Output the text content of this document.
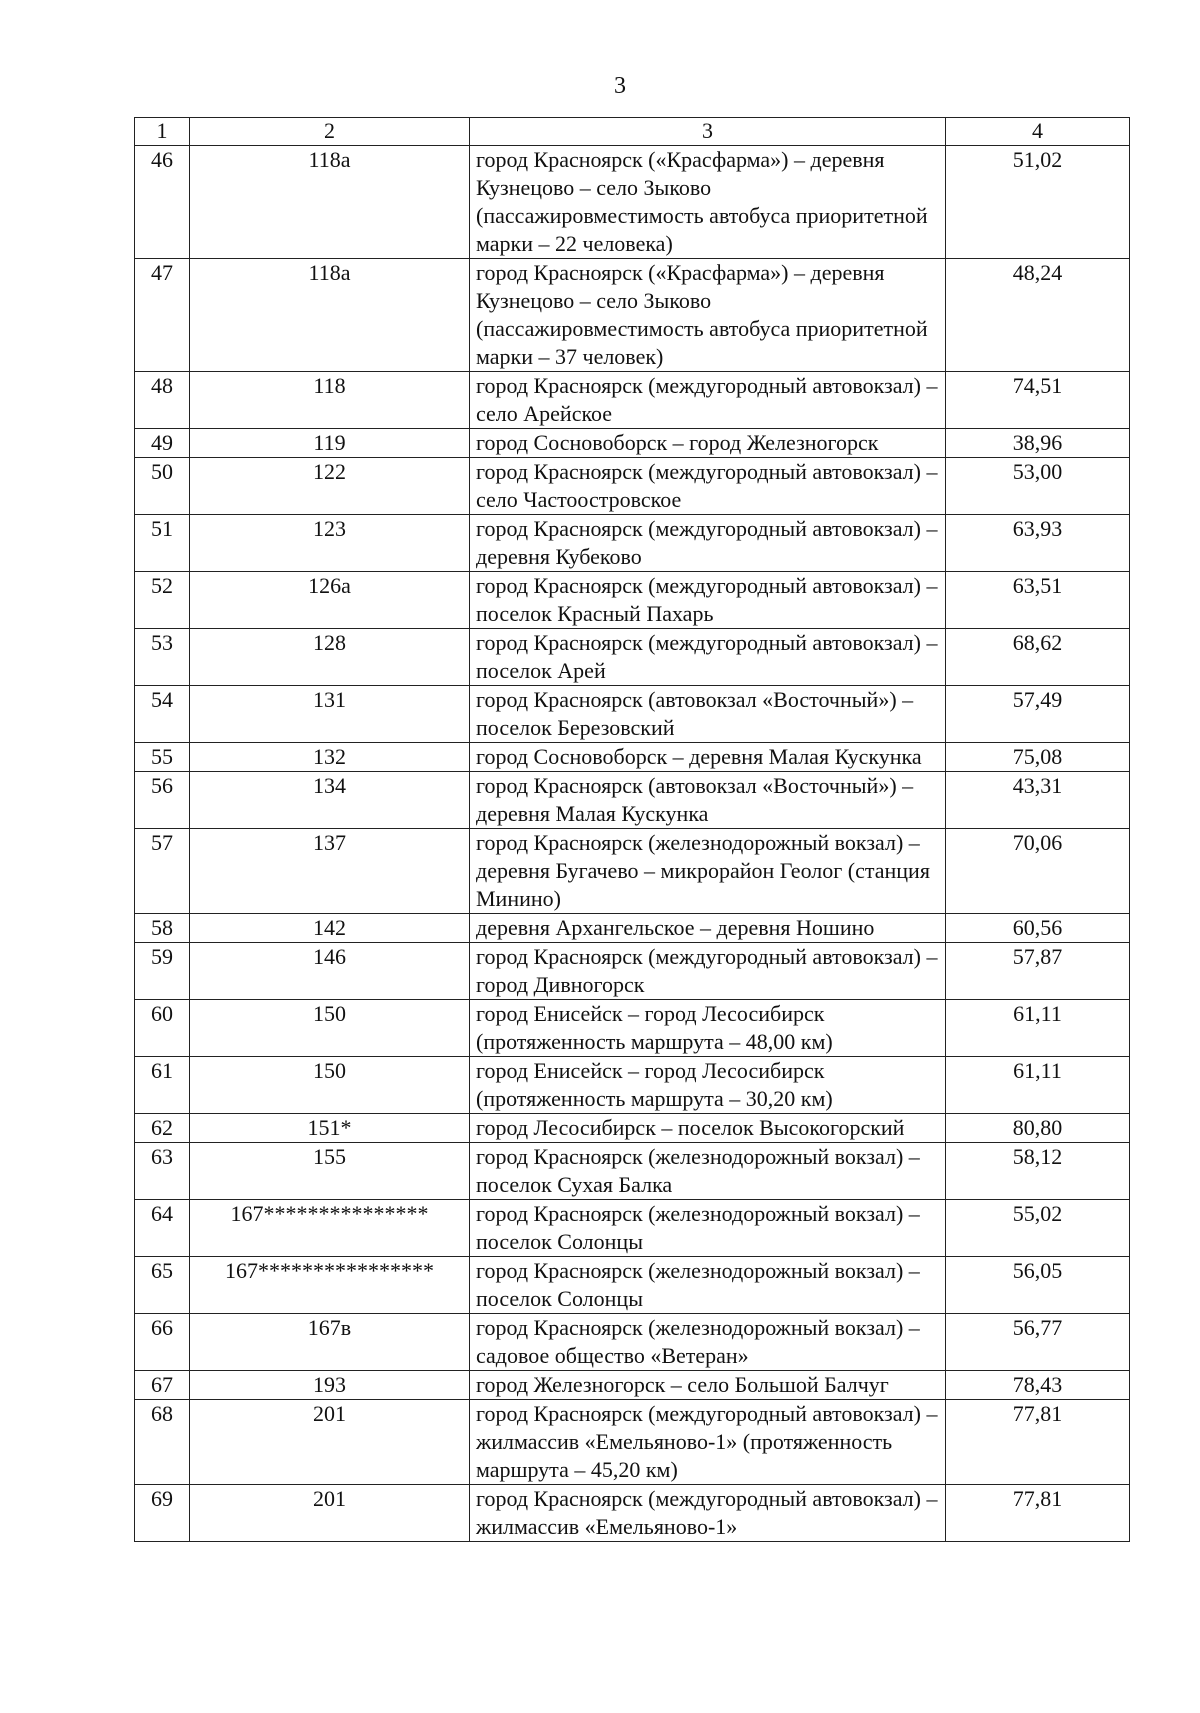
3
1	2	3	4
46	118а	город Красноярск («Красфарма») – деревня Кузнецово – село Зыково (пассажировместимость автобуса приоритетной марки – 22 человека)	51,02
47	118а	город Красноярск («Красфарма») – деревня Кузнецово – село Зыково (пассажировместимость автобуса приоритетной марки – 37 человек)	48,24
48	118	город Красноярск (междугородный автовокзал) – село Арейское	74,51
49	119	город Сосновоборск – город Железногорск	38,96
50	122	город Красноярск (междугородный автовокзал) – село Частоостровское	53,00
51	123	город Красноярск (междугородный автовокзал) – деревня Кубеково	63,93
52	126а	город Красноярск (междугородный автовокзал) – поселок Красный Пахарь	63,51
53	128	город Красноярск (междугородный автовокзал) – поселок Арей	68,62
54	131	город Красноярск (автовокзал «Восточный») – поселок Березовский	57,49
55	132	город Сосновоборск – деревня Малая Кускунка	75,08
56	134	город Красноярск (автовокзал «Восточный») – деревня Малая Кускунка	43,31
57	137	город Красноярск (железнодорожный вокзал) – деревня Бугачево – микрорайон Геолог (станция Минино)	70,06
58	142	деревня Архангельское – деревня Ношино	60,56
59	146	город Красноярск (междугородный автовокзал) – город Дивногорск	57,87
60	150	город Енисейск – город Лесосибирск (протяженность маршрута – 48,00 км)	61,11
61	150	город Енисейск – город Лесосибирск (протяженность маршрута – 30,20 км)	61,11
62	151*	город Лесосибирск – поселок Высокогорский	80,80
63	155	город Красноярск (железнодорожный вокзал) – поселок Сухая Балка	58,12
64	167***************	город Красноярск (железнодорожный вокзал) – поселок Солонцы	55,02
65	167****************	город Красноярск (железнодорожный вокзал) – поселок Солонцы	56,05
66	167в	город Красноярск (железнодорожный вокзал) – садовое общество «Ветеран»	56,77
67	193	город Железногорск – село Большой Балчуг	78,43
68	201	город Красноярск (междугородный автовокзал) – жилмассив «Емельяново-1» (протяженность маршрута – 45,20 км)	77,81
69	201	город Красноярск (междугородный автовокзал) – жилмассив «Емельяново-1»	77,81
